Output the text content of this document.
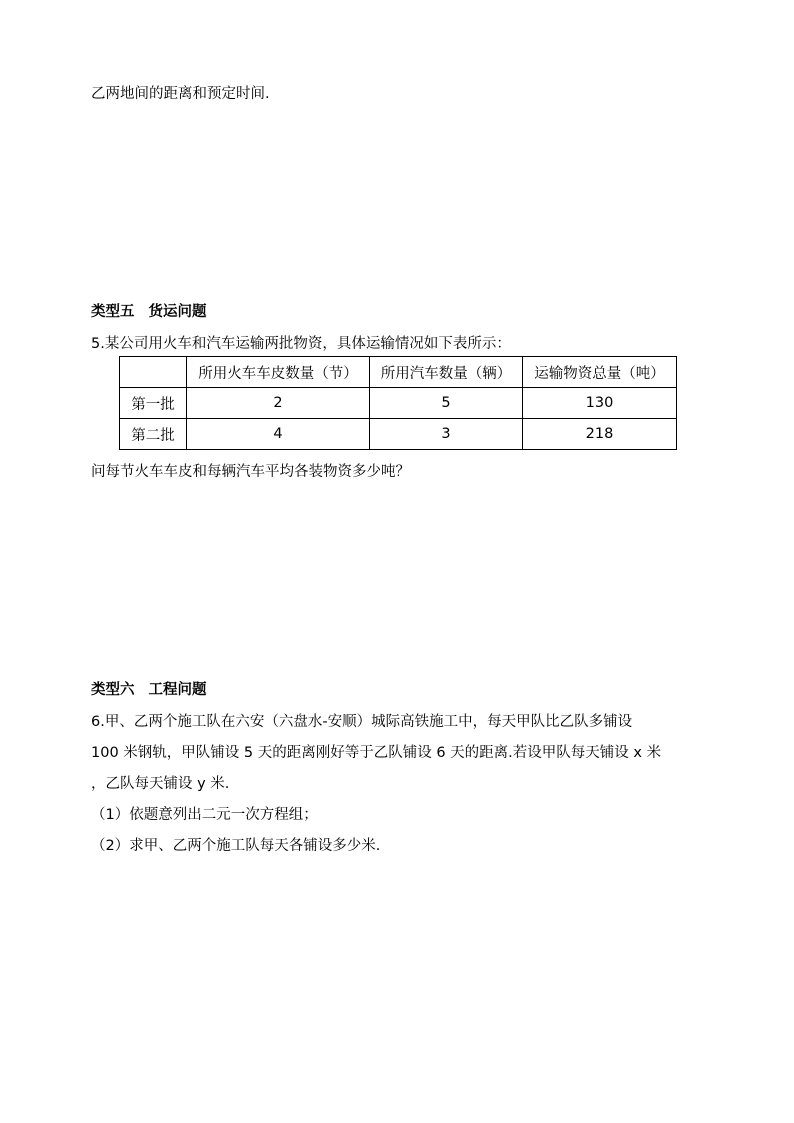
乙两地间的距离和预定时间.
类型五 货运问题
5.某公司用火车和汽车运输两批物资，具体运输情况如下表所示：
	所用火车车皮数量（节）	所用汽车数量（辆）	运输物资总量（吨）
第一批	2	5	130
第二批	4	3	218
问每节火车车皮和每辆汽车平均各装物资多少吨？
类型六 工程问题
6.甲、乙两个施工队在六安（六盘水-安顺）城际高铁施工中，每天甲队比乙队多铺设
100 米钢轨，甲队铺设 5 天的距离刚好等于乙队铺设 6 天的距离.若设甲队每天铺设 x 米
，乙队每天铺设 y 米.
（1）依题意列出二元一次方程组；
（2）求甲、乙两个施工队每天各铺设多少米.
